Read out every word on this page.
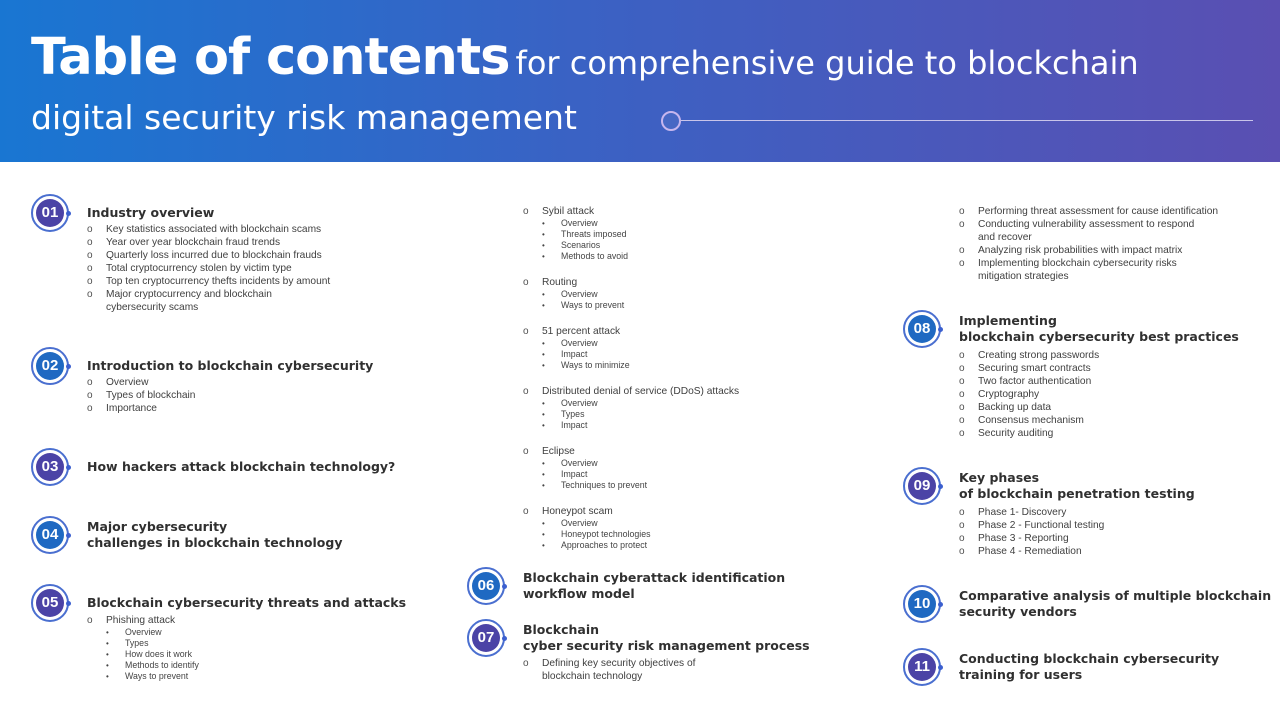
Table of contents for comprehensive guide to blockchain
digital security risk management
01	Industry overview
o Key statistics associated with blockchain scams
o Year over year blockchain fraud trends
o Quarterly loss incurred due to blockchain frauds
o Total cryptocurrency stolen by victim type
o Top ten cryptocurrency thefts incidents by amount
o Major cryptocurrency and blockchain
cybersecurity scams
02	Introduction to blockchain cybersecurity
o Overview
o Types of blockchain
o Importance
03	How hackers attack blockchain technology?
04	Major cybersecurity
challenges in blockchain technology
05	Blockchain cybersecurity threats and attacks
o Phishing attack
• Overview
• Types
• How does it work
• Methods to identify
• Ways to prevent
o Sybil attack
• Overview
• Threats imposed
• Scenarios
• Methods to avoid
o Routing
• Overview
• Ways to prevent
o 51 percent attack
• Overview
• Impact
• Ways to minimize
o Distributed denial of service (DDoS) attacks
• Overview
• Types
• Impact
o Eclipse
• Overview
• Impact
• Techniques to prevent
o Honeypot scam
• Overview
• Honeypot technologies
• Approaches to protect
06	Blockchain cyberattack identification
workflow model
07	Blockchain
cyber security risk management process
o Defining key security objectives of
blockchain technology
o Performing threat assessment for cause identification
o Conducting vulnerability assessment to respond
and recover
o Analyzing risk probabilities with impact matrix
o Implementing blockchain cybersecurity risks
mitigation strategies
08	Implementing
blockchain cybersecurity best practices
o Creating strong passwords
o Securing smart contracts
o Two factor authentication
o Cryptography
o Backing up data
o Consensus mechanism
o Security auditing
09	Key phases
of blockchain penetration testing
o Phase 1- Discovery
o Phase 2 - Functional testing
o Phase 3 - Reporting
o Phase 4 - Remediation
10	Comparative analysis of multiple blockchain
security vendors
11	Conducting blockchain cybersecurity
training for users
